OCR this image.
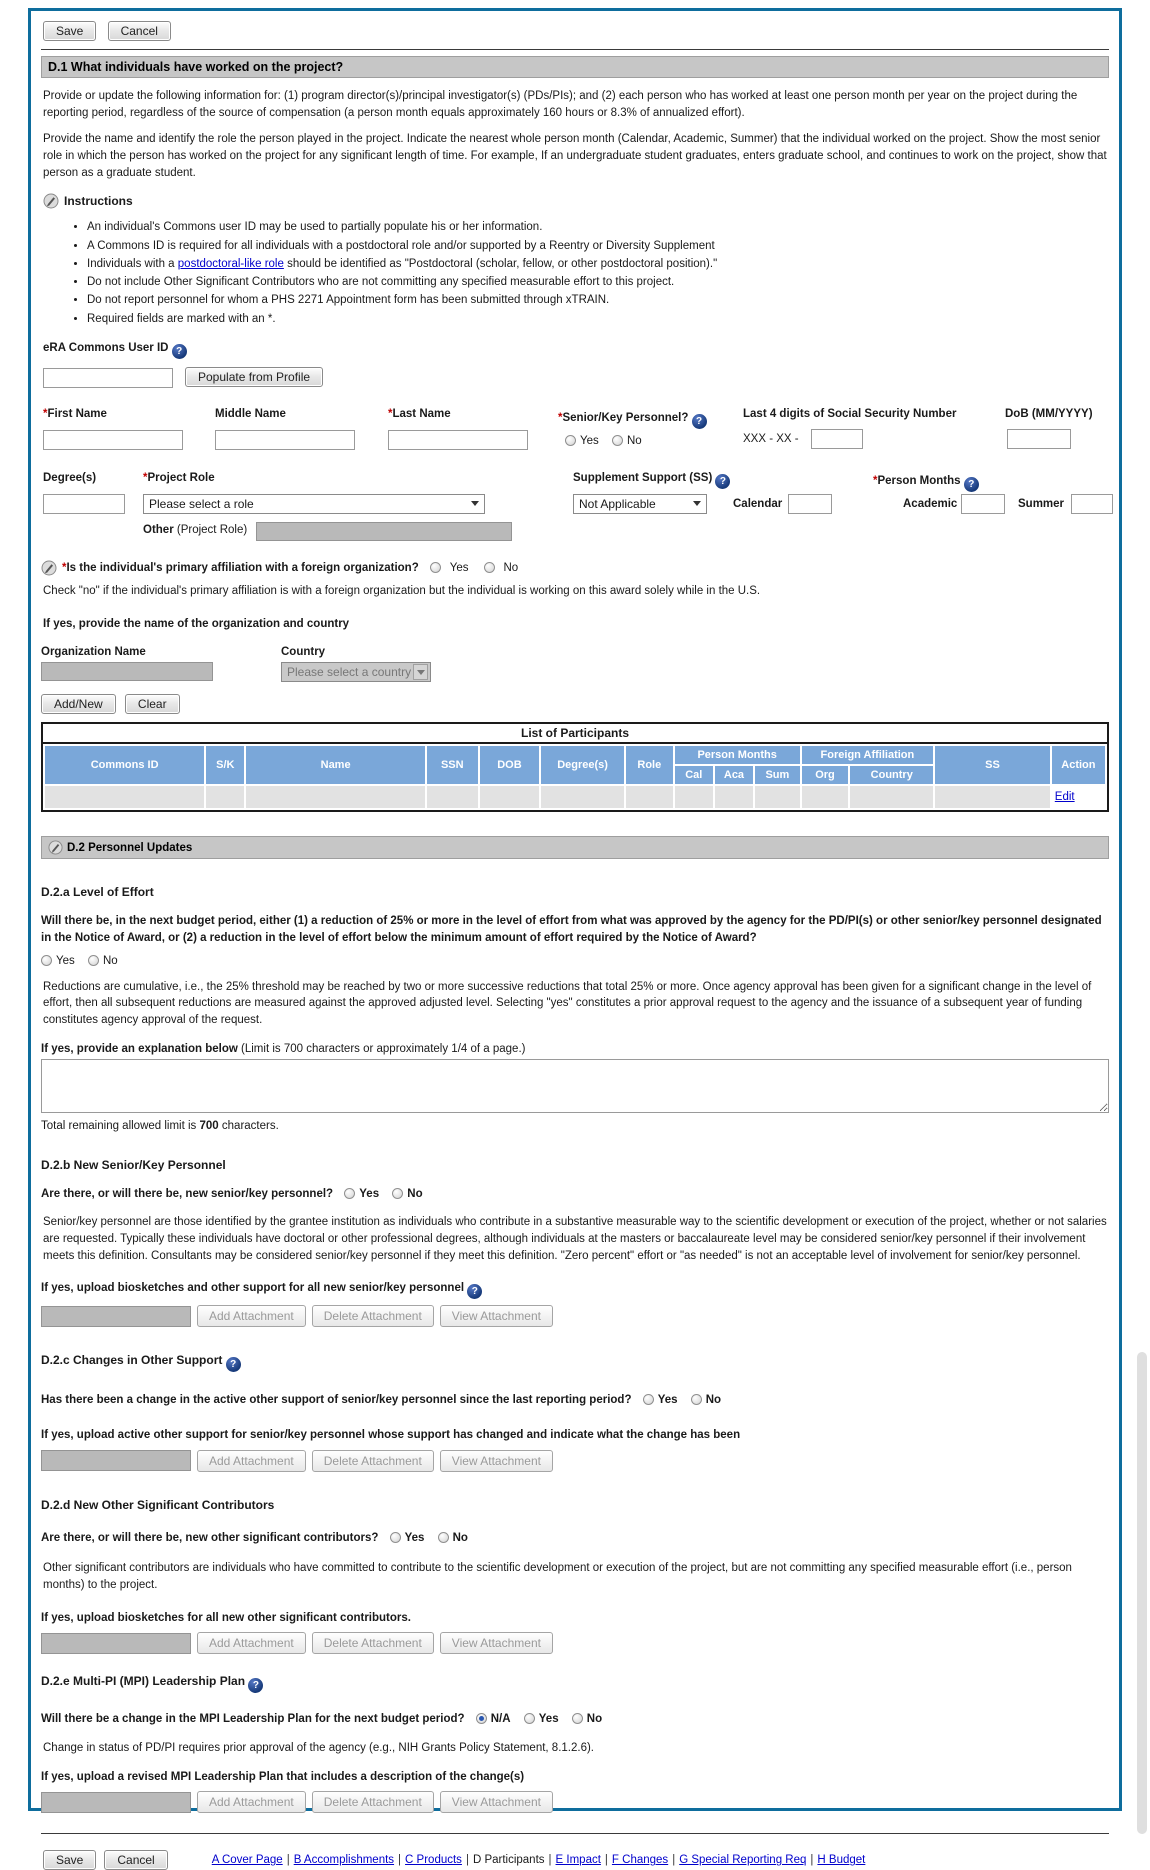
Save	Cancel
D.1 What individuals have worked on the project?

Provide or update the following information for: (1) program director(s)/principal investigator(s) (PDs/PIs); and (2) each person who has worked at least one person month per year on the project during the reporting period, regardless of the source of compensation (a person month equals approximately 160 hours or 8.3% of annualized effort).

Provide the name and identify the role the person played in the project. Indicate the nearest whole person month (Calendar, Academic, Summer) that the individual worked on the project. Show the most senior role in which the person has worked on the project for any significant length of time. For example, If an undergraduate student graduates, enters graduate school, and continues to work on the project, show that person as a graduate student.

Instructions
• An individual's Commons user ID may be used to partially populate his or her information.
• A Commons ID is required for all individuals with a postdoctoral role and/or supported by a Reentry or Diversity Supplement
• Individuals with a postdoctoral-like role should be identified as "Postdoctoral (scholar, fellow, or other postdoctoral position)."
• Do not include Other Significant Contributors who are not committing any specified measurable effort to this project.
• Do not report personnel for whom a PHS 2271 Appointment form has been submitted through xTRAIN.
• Required fields are marked with an *.
eRA Commons User ID ?
Populate from Profile
*First Name	Middle Name	*Last Name	*Senior/Key Personnel? ?
Yes No
Last 4 digits of Social Security Number
XXX - XX -
DoB (MM/YYYY)
Degree(s)	*Project Role
Please select a role
Supplement Support (SS) ?
Not Applicable
*Person Months ?
Calendar	Academic	Summer
Other (Project Role)
*Is the individual's primary affiliation with a foreign organization?	Yes	No

Check "no" if the individual's primary affiliation is with a foreign organization but the individual is working on this award solely while in the U.S.

If yes, provide the name of the organization and country

Organization Name	Country
Please select a country
Add/New	Clear
List of Participants
Commons ID	S/K	Name	SSN	DOB	Degree(s)	Role	Person Months			Foreign Affiliation		SS	Action
							Cal	Aca	Sum	Org	Country		
													Edit
D.2 Personnel Updates
D.2.a Level of Effort
Will there be, in the next budget period, either (1) a reduction of 25% or more in the level of effort from what was approved by the agency for the PD/PI(s) or other senior/key personnel designated in the Notice of Award, or (2) a reduction in the level of effort below the minimum amount of effort required by the Notice of Award?
Yes No

Reductions are cumulative, i.e., the 25% threshold may be reached by two or more successive reductions that total 25% or more. Once agency approval has been given for a significant change in the level of effort, then all subsequent reductions are measured against the approved adjusted level. Selecting "yes" constitutes a prior approval request to the agency and the issuance of a subsequent year of funding constitutes agency approval of the request.

If yes, provide an explanation below (Limit is 700 characters or approximately 1/4 of a page.)
Total remaining allowed limit is 700 characters.
D.2.b New Senior/Key Personnel
Are there, or will there be, new senior/key personnel? Yes No

Senior/key personnel are those identified by the grantee institution as individuals who contribute in a substantive measurable way to the scientific development or execution of the project, whether or not salaries are requested. Typically these individuals have doctoral or other professional degrees, although individuals at the masters or baccalaureate level may be considered senior/key personnel if their involvement meets this definition. Consultants may be considered senior/key personnel if they meet this definition. "Zero percent" effort or "as needed" is not an acceptable level of involvement for senior/key personnel.

If yes, upload biosketches and other support for all new senior/key personnel ?
Add Attachment	Delete Attachment	View Attachment
D.2.c Changes in Other Support ?
Has there been a change in the active other support of senior/key personnel since the last reporting period? Yes No
If yes, upload active other support for senior/key personnel whose support has changed and indicate what the change has been
Add Attachment	Delete Attachment	View Attachment
D.2.d New Other Significant Contributors
Are there, or will there be, new other significant contributors? Yes No

Other significant contributors are individuals who have committed to contribute to the scientific development or execution of the project, but are not committing any specified measurable effort (i.e., person months) to the project.

If yes, upload biosketches for all new other significant contributors.
Add Attachment	Delete Attachment	View Attachment
D.2.e Multi-PI (MPI) Leadership Plan ?
Will there be a change in the MPI Leadership Plan for the next budget period? N/A Yes No

Change in status of PD/PI requires prior approval of the agency (e.g., NIH Grants Policy Statement, 8.1.2.6).

If yes, upload a revised MPI Leadership Plan that includes a description of the change(s)
Add Attachment	Delete Attachment	View Attachment
Save	Cancel	A Cover Page | B Accomplishments | C Products | D Participants | E Impact | F Changes | G Special Reporting Req | H Budget
